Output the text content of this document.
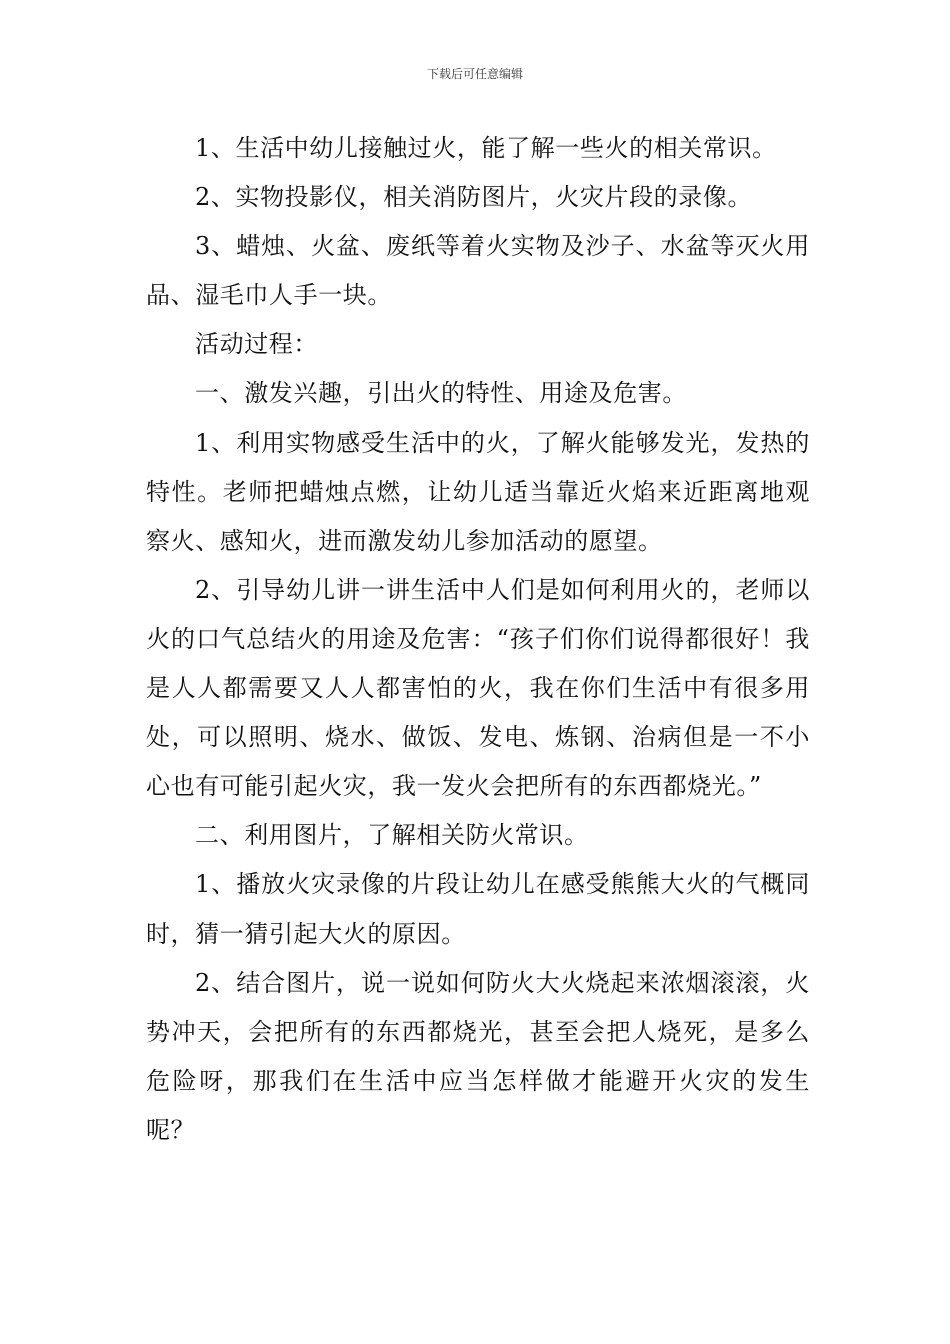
下载后可任意编辑

1、生活中幼儿接触过火，能了解一些火的相关常识。

2、实物投影仪，相关消防图片，火灾片段的录像。

3、蜡烛、火盆、废纸等着火实物及沙子、水盆等灭火用品、湿毛巾人手一块。

活动过程：

一、激发兴趣，引出火的特性、用途及危害。

1、利用实物感受生活中的火，了解火能够发光，发热的特性。老师把蜡烛点燃，让幼儿适当靠近火焰来近距离地观察火、感知火，进而激发幼儿参加活动的愿望。

2、引导幼儿讲一讲生活中人们是如何利用火的，老师以火的口气总结火的用途及危害：“孩子们你们说得都很好！我是人人都需要又人人都害怕的火，我在你们生活中有很多用处，可以照明、烧水、做饭、发电、炼钢、治病但是一不小心也有可能引起火灾，我一发火会把所有的东西都烧光。”

二、利用图片，了解相关防火常识。

1、播放火灾录像的片段让幼儿在感受熊熊大火的气概同时，猜一猜引起大火的原因。

2、结合图片，说一说如何防火大火烧起来浓烟滚滚，火势冲天，会把所有的东西都烧光，甚至会把人烧死，是多么危险呀，那我们在生活中应当怎样做才能避开火灾的发生呢？
